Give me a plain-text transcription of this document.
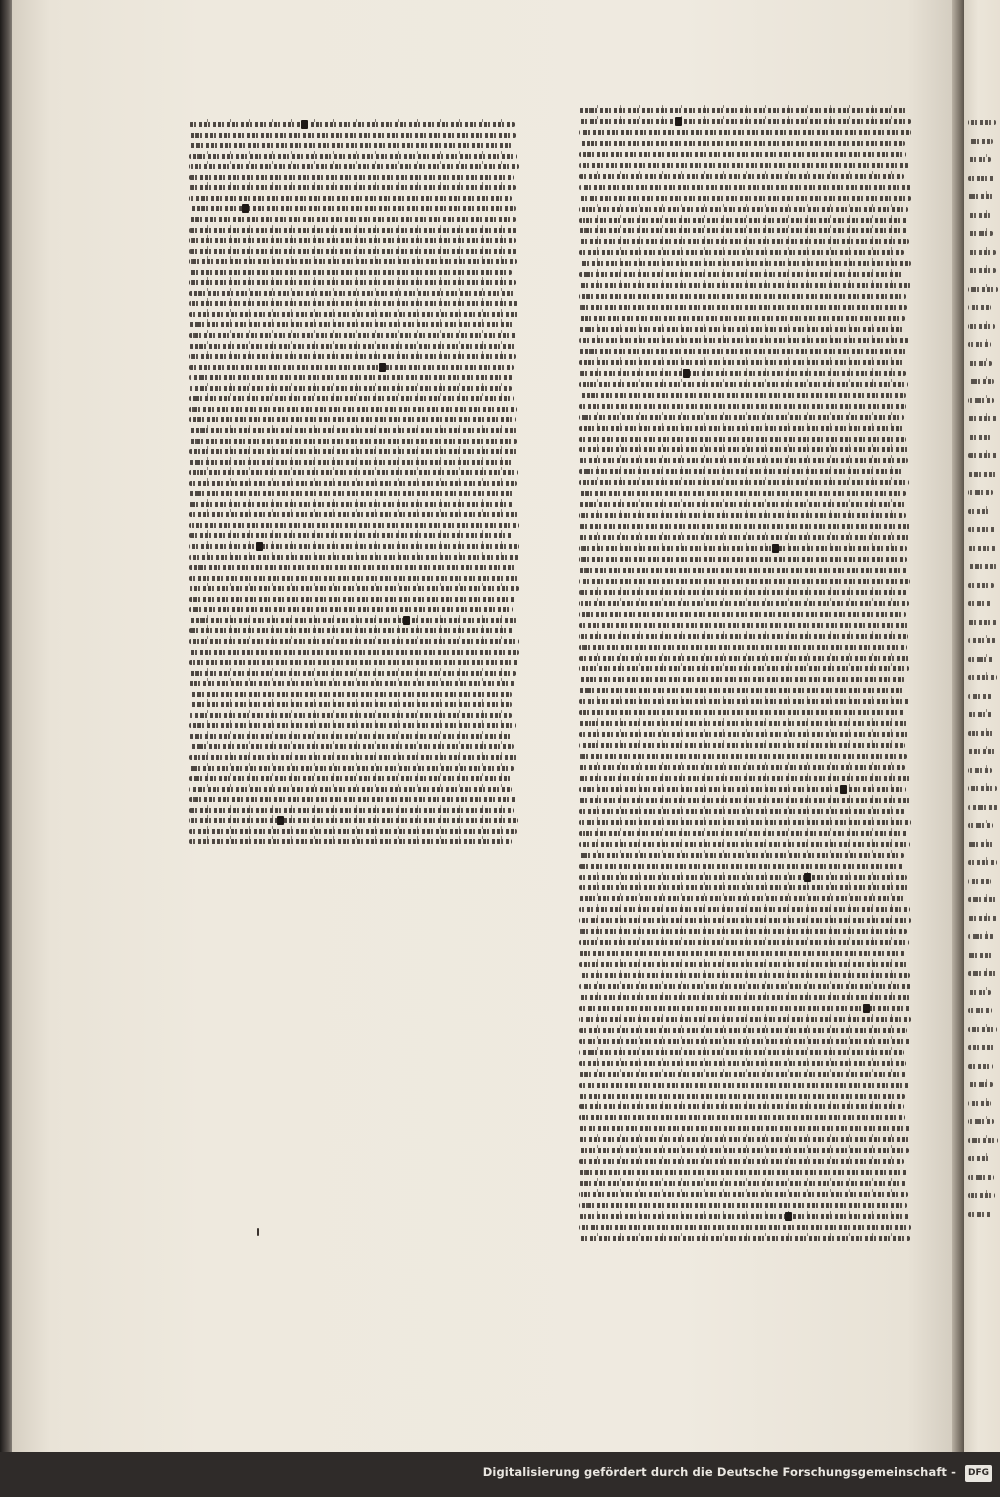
Digitalisierung gefördert durch die Deutsche Forschungsgemeinschaft -	DFG
